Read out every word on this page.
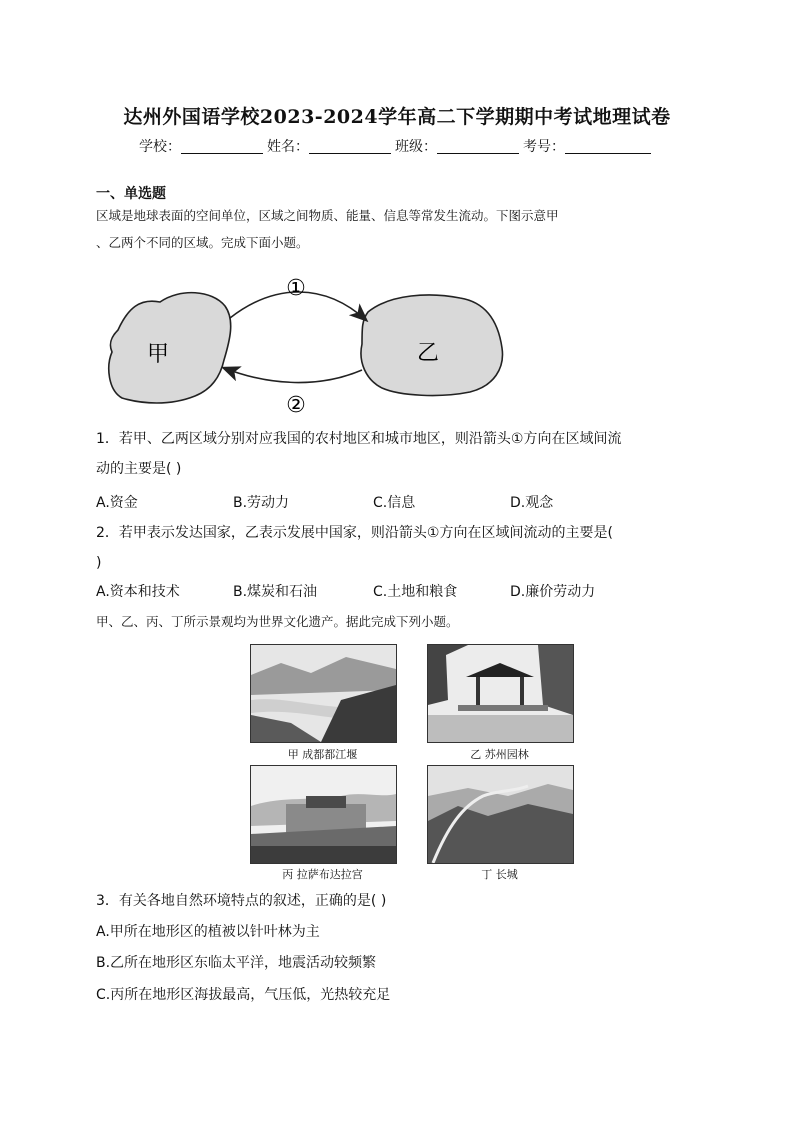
达州外国语学校2023-2024学年高二下学期期中考试地理试卷
学校：	姓名：	班级：	考号：
一、单选题
区域是地球表面的空间单位，区域之间物质、能量、信息等常发生流动。下图示意甲
、乙两个不同的区域。完成下面小题。
甲	乙
①
②
1．若甲、乙两区域分别对应我国的农村地区和城市地区，则沿箭头①方向在区域间流
动的主要是( )
A.资金	B.劳动力	C.信息	D.观念
2．若甲表示发达国家，乙表示发展中国家，则沿箭头①方向在区域间流动的主要是(
)
A.资本和技术	B.煤炭和石油	C.土地和粮食	D.廉价劳动力
甲、乙、丙、丁所示景观均为世界文化遗产。据此完成下列小题。
甲 成都都江堰	乙 苏州园林
丙 拉萨布达拉宫	丁 长城
3．有关各地自然环境特点的叙述，正确的是( )
A.甲所在地形区的植被以针叶林为主
B.乙所在地形区东临太平洋，地震活动较频繁
C.丙所在地形区海拔最高，气压低，光热较充足
